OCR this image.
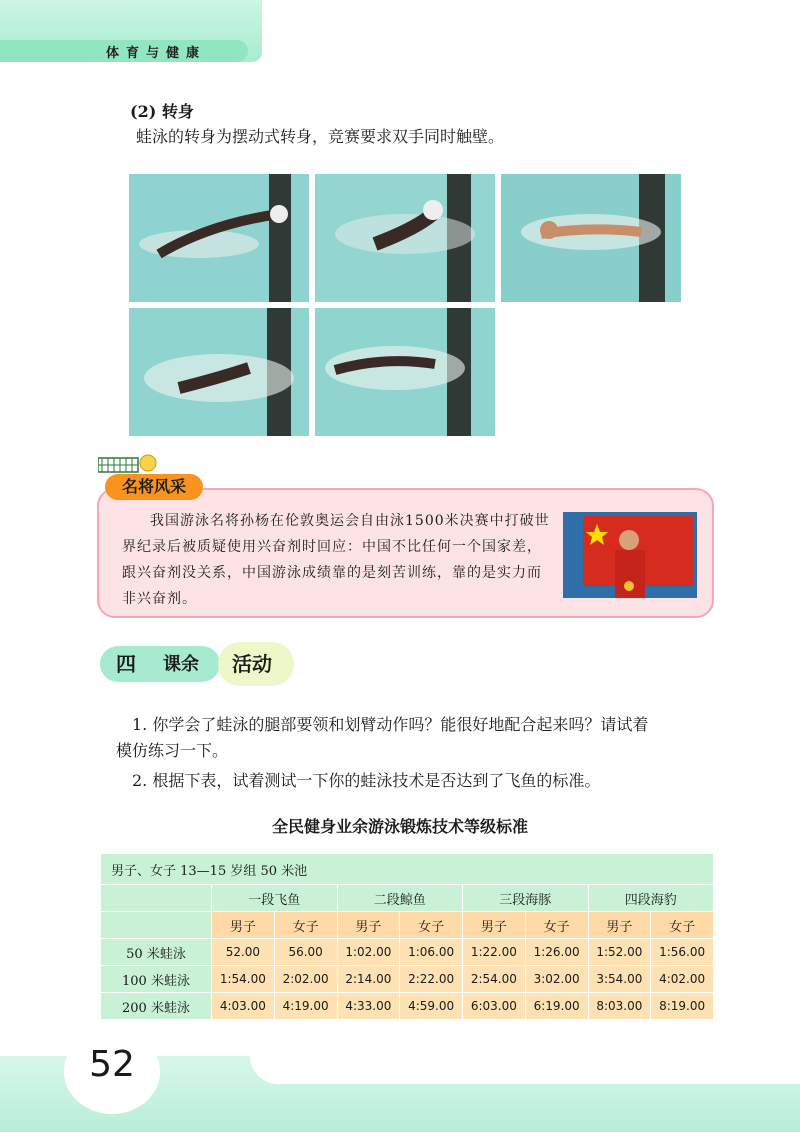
体育与健康
(2) 转身
蛙泳的转身为摆动式转身，竞赛要求双手同时触壁。
名将风采
我国游泳名将孙杨在伦敦奥运会自由泳1500米决赛中打破世界纪录后被质疑使用兴奋剂时回应：中国不比任何一个国家差，跟兴奋剂没关系，中国游泳成绩靠的是刻苦训练，靠的是实力而非兴奋剂。
四 课余 活动
1. 你学会了蛙泳的腿部要领和划臂动作吗？能很好地配合起来吗？请试着
模仿练习一下。
2. 根据下表，试着测试一下你的蛙泳技术是否达到了飞鱼的标准。
全民健身业余游泳锻炼技术等级标准
男子、女子 13—15 岁组 50 米池								
	一段飞鱼		二段鲸鱼		三段海豚		四段海豹	
	男子	女子	男子	女子	男子	女子	男子	女子
50 米蛙泳	52.00	56.00	1:02.00	1:06.00	1:22.00	1:26.00	1:52.00	1:56.00
100 米蛙泳	1:54.00	2:02.00	2:14.00	2:22.00	2:54.00	3:02.00	3:54.00	4:02.00
200 米蛙泳	4:03.00	4:19.00	4:33.00	4:59.00	6:03.00	6:19.00	8:03.00	8:19.00
52
